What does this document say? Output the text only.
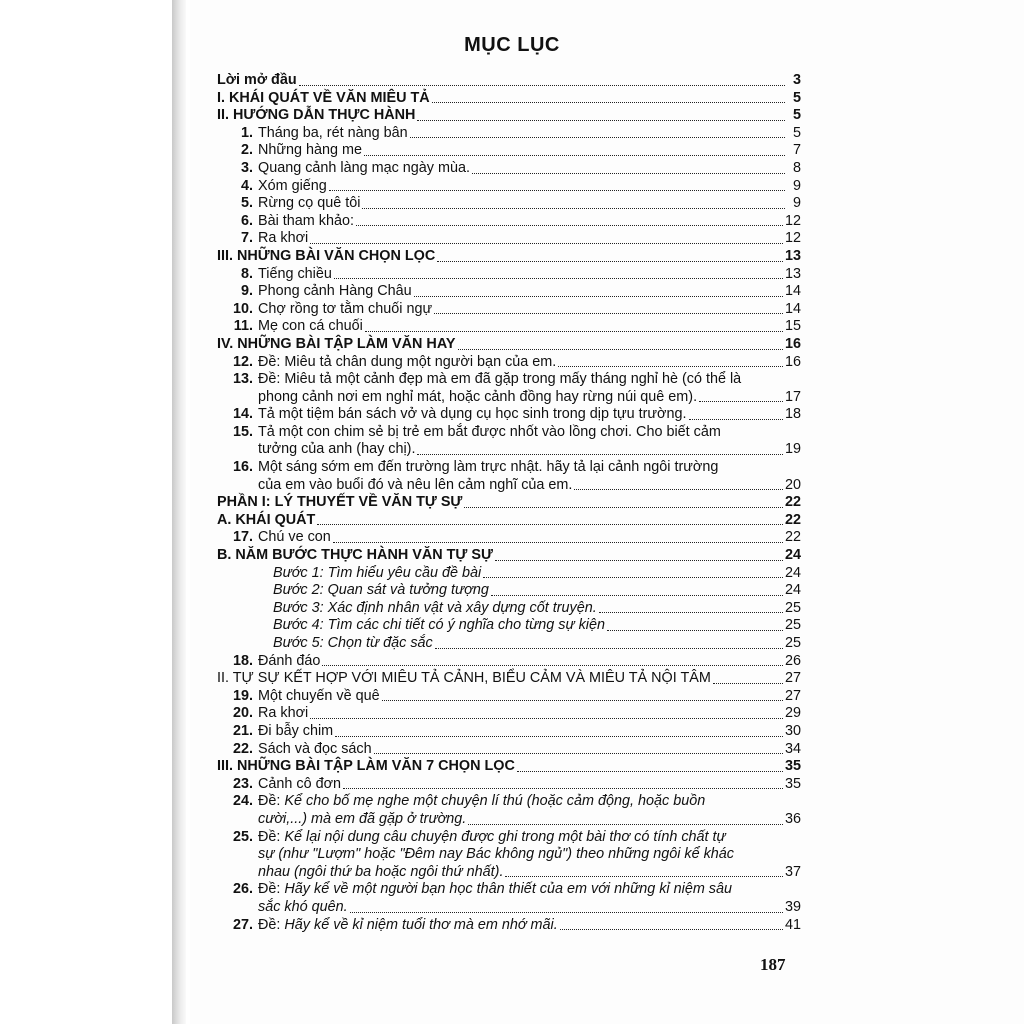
MỤC LỤC
Lời mở đầu	3
I. KHÁI QUÁT VỀ VĂN MIÊU TẢ	5
II. HƯỚNG DẪN THỰC HÀNH	5
1. Tháng ba, rét nàng bân	5
2. Những hàng me	7
3. Quang cảnh làng mạc ngày mùa.	8
4. Xóm giếng	9
5. Rừng cọ quê tôi	9
6. Bài tham khảo:	12
7. Ra khơi	12
III. NHỮNG BÀI VĂN CHỌN LỌC	13
8. Tiếng chiều	13
9. Phong cảnh Hàng Châu	14
10. Chợ rồng tơ tằm chuối ngự	14
11. Mẹ con cá chuối	15
IV. NHỮNG BÀI TẬP LÀM VĂN HAY	16
12. Đề: Miêu tả chân dung một người bạn của em.	16
13. Đề: Miêu tả một cảnh đẹp mà em đã gặp trong mấy tháng nghỉ hè (có thể là
phong cảnh nơi em nghỉ mát, hoặc cảnh đồng hay rừng núi quê em).	17
14. Tả một tiệm bán sách vở và dụng cụ học sinh trong dịp tựu trường.	18
15. Tả một con chim sẻ bị trẻ em bắt được nhốt vào lồng chơi. Cho biết cảm
tưởng của anh (hay chị).	19
16. Một sáng sớm em đến trường làm trực nhật. hãy tả lại cảnh ngôi trường
của em vào buổi đó và nêu lên cảm nghĩ của em.	20
PHẦN I: LÝ THUYẾT VỀ VĂN TỰ SỰ	22
A. KHÁI QUÁT	22
17. Chú ve con	22
B. NĂM BƯỚC THỰC HÀNH VĂN TỰ SỰ	24
Bước 1: Tìm hiểu yêu cầu đề bài	24
Bước 2: Quan sát và tưởng tượng	24
Bước 3: Xác định nhân vật và xây dựng cốt truyện.	25
Bước 4: Tìm các chi tiết có ý nghĩa cho từng sự kiện	25
Bước 5: Chọn từ đặc sắc	25
18. Đánh đáo	26
II. TỰ SỰ KẾT HỢP VỚI MIÊU TẢ CẢNH, BIỂU CẢM VÀ MIÊU TẢ NỘI TÂM	27
19. Một chuyến về quê	27
20. Ra khơi	29
21. Đi bẫy chim	30
22. Sách và đọc sách	34
III. NHỮNG BÀI TẬP LÀM VĂN 7 CHỌN LỌC	35
23. Cảnh cô đơn	35
24. Đề: Kể cho bố mẹ nghe một chuyện lí thú (hoặc cảm động, hoặc buồn
cười,...) mà em đã gặp ở trường.	36
25. Đề: Kể lại nội dung câu chuyện được ghi trong một bài thơ có tính chất tự
sự (như "Lượm" hoặc "Đêm nay Bác không ngủ") theo những ngôi kể khác
nhau (ngôi thứ ba hoặc ngôi thứ nhất).	37
26. Đề: Hãy kể về một người bạn học thân thiết của em với những kỉ niệm sâu
sắc khó quên.	39
27. Đề: Hãy kể về kỉ niệm tuổi thơ mà em nhớ mãi.	41
187
